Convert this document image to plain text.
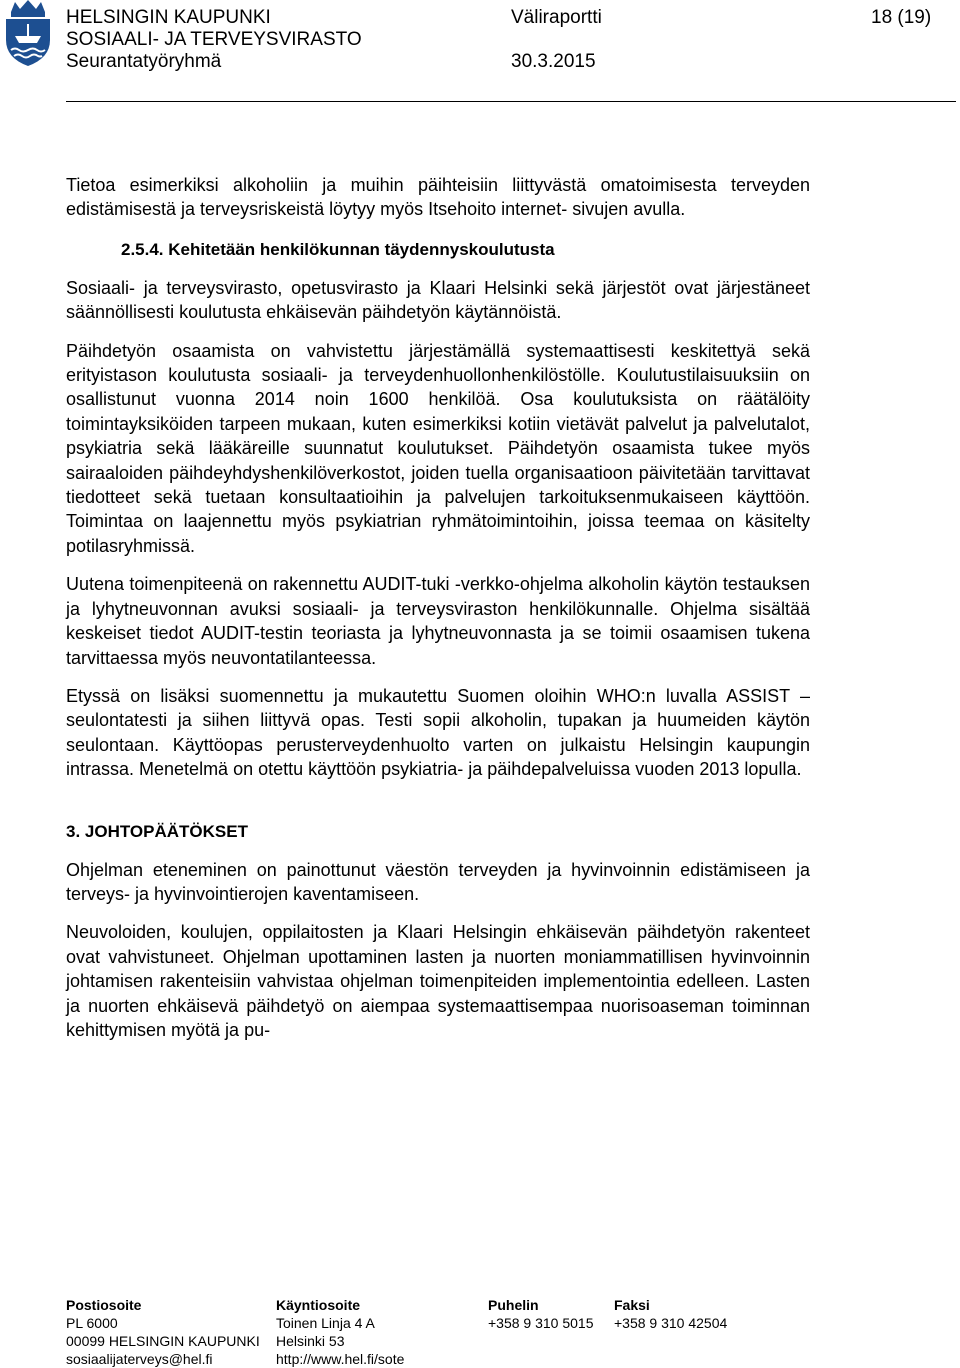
HELSINGIN KAUPUNKI
SOSIAALI- JA TERVEYSVIRASTO
Seurantatyöryhmä
Väliraportti
30.3.2015
18 (19)

Tietoa esimerkiksi alkoholiin ja muihin päihteisiin liittyvästä omatoimisesta terveyden edistämisestä ja terveysriskeistä löytyy myös Itsehoito internet- sivujen avulla.

2.5.4. Kehitetään henkilökunnan täydennyskoulutusta

Sosiaali- ja terveysvirasto, opetusvirasto ja Klaari Helsinki sekä järjestöt ovat järjestäneet säännöllisesti koulutusta ehkäisevän päihdetyön käytännöistä.

Päihdetyön osaamista on vahvistettu järjestämällä systemaattisesti keskitettyä sekä erityistason koulutusta sosiaali- ja terveydenhuollonhenkilöstölle. Koulutustilaisuuksiin on osallistunut vuonna 2014 noin 1600 henkilöä. Osa koulutuksista on räätälöity toimintayksiköiden tarpeen mukaan, kuten esimerkiksi kotiin vietävät palvelut ja palvelutalot, psykiatria sekä lääkäreille suunnatut koulutukset. Päihdetyön osaamista tukee myös sairaaloiden päihdeyhdyshenkilöverkostot, joiden tuella organisaatioon päivitetään tarvittavat tiedotteet sekä tuetaan konsultaatioihin ja palvelujen tarkoituksenmukaiseen käyttöön. Toimintaa on laajennettu myös psykiatrian ryhmätoimintoihin, joissa teemaa on käsitelty potilasryhmissä.

Uutena toimenpiteenä on rakennettu AUDIT-tuki -verkko-ohjelma alkoholin käytön testauksen ja lyhytneuvonnan avuksi sosiaali- ja terveysviraston henkilökunnalle. Ohjelma sisältää keskeiset tiedot AUDIT-testin teoriasta ja lyhytneuvonnasta ja se toimii osaamisen tukena tarvittaessa myös neuvontatilanteessa.

Etyssä on lisäksi suomennettu ja mukautettu Suomen oloihin WHO:n luvalla ASSIST –seulontatesti ja siihen liittyvä opas. Testi sopii alkoholin, tupakan ja huumeiden käytön seulontaan. Käyttöopas perusterveydenhuolto varten on julkaistu Helsingin kaupungin intrassa. Menetelmä on otettu käyttöön psykiatria- ja päihdepalveluissa vuoden 2013 lopulla.

3. JOHTOPÄÄTÖKSET

Ohjelman eteneminen on painottunut väestön terveyden ja hyvinvoinnin edistämiseen ja terveys- ja hyvinvointierojen kaventamiseen.

Neuvoloiden, koulujen, oppilaitosten ja Klaari Helsingin ehkäisevän päihdetyön rakenteet ovat vahvistuneet. Ohjelman upottaminen lasten ja nuorten moniammatillisen hyvinvoinnin johtamisen rakenteisiin vahvistaa ohjelman toimenpiteiden implementointia edelleen. Lasten ja nuorten ehkäisevä päihdetyö on aiempaa systemaattisempaa nuorisoaseman toiminnan kehittymisen myötä ja pu-

Postiosoite
PL 6000
00099 HELSINGIN KAUPUNKI
sosiaalijaterveys@hel.fi
Käyntiosoite
Toinen Linja 4 A
Helsinki 53
http://www.hel.fi/sote
Puhelin
+358 9 310 5015
Faksi
+358 9 310 42504
